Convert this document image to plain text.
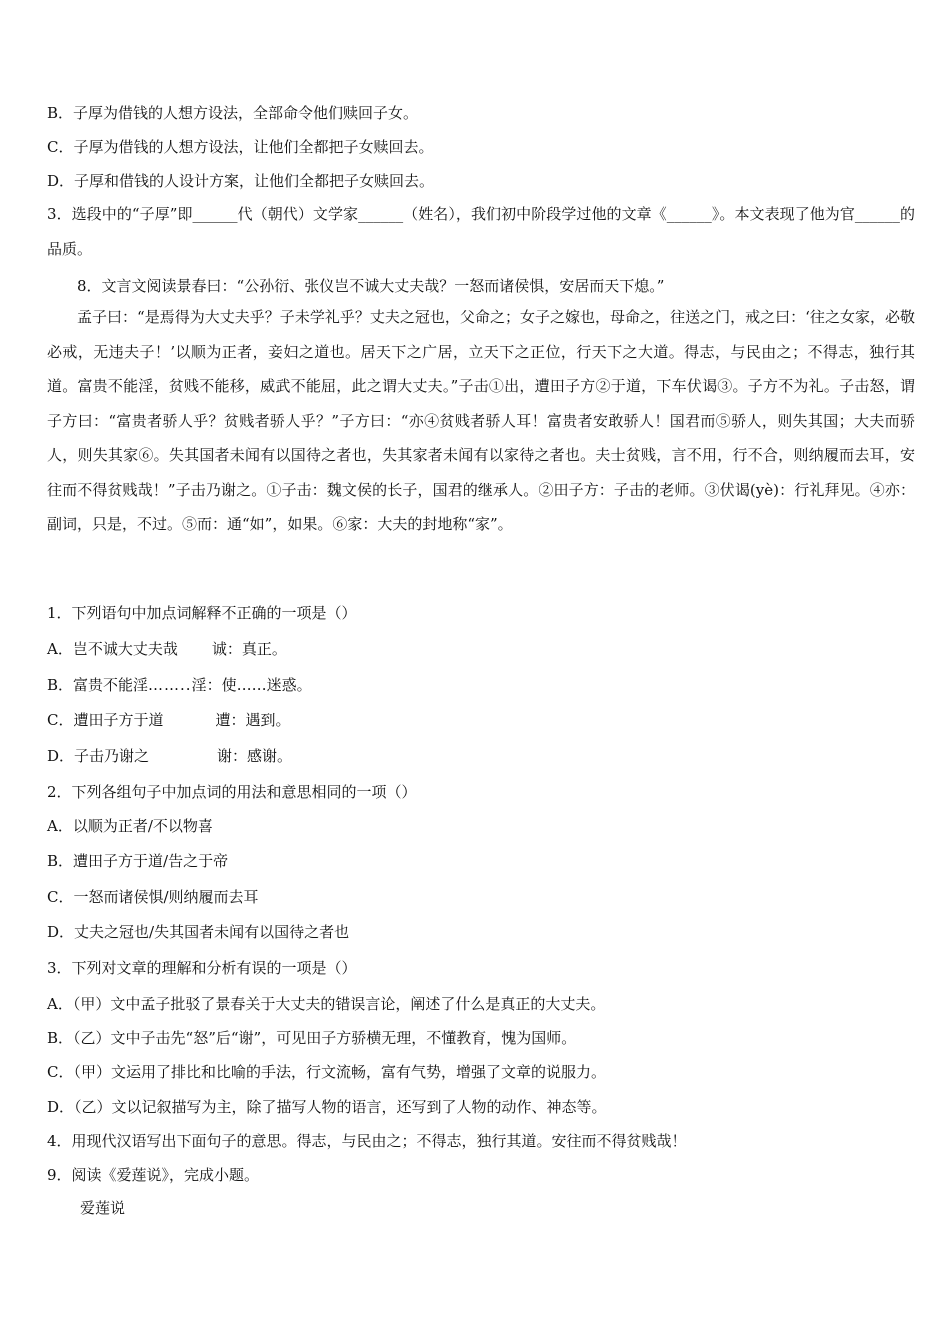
B．子厚为借钱的人想方设法，全部命令他们赎回子女。
C．子厚为借钱的人想方设法，让他们全都把子女赎回去。
D．子厚和借钱的人设计方案，让他们全都把子女赎回去。
3．选段中的“子厚”即______代（朝代）文学家______（姓名），我们初中阶段学过他的文章《______》。本文表现了他为官______的品质。
8．文言文阅读景春曰：“公孙衍、张仪岂不诚大丈夫哉？一怒而诸侯惧，安居而天下熄。”
孟子曰：“是焉得为大丈夫乎？子未学礼乎？丈夫之冠也，父命之；女子之嫁也，母命之，往送之门，戒之曰：‘往之女家，必敬必戒，无违夫子！’以顺为正者，妾妇之道也。居天下之广居，立天下之正位，行天下之大道。得志，与民由之；不得志，独行其道。富贵不能淫，贫贱不能移，威武不能屈，此之谓大丈夫。”子击①出，遭田子方②于道，下车伏谒③。子方不为礼。子击怒，谓子方曰：“富贵者骄人乎？贫贱者骄人乎？”子方曰：“亦④贫贱者骄人耳！富贵者安敢骄人！国君而⑤骄人，则失其国；大夫而骄人，则失其家⑥。失其国者未闻有以国待之者也，失其家者未闻有以家待之者也。夫士贫贱，言不用，行不合，则纳履而去耳，安往而不得贫贱哉！”子击乃谢之。①子击：魏文侯的长子，国君的继承人。②田子方：子击的老师。③伏谒(yè)：行礼拜见。④亦：副词，只是，不过。⑤而：通“如”，如果。⑥家：大夫的封地称“家”。
1．下列语句中加点词解释不正确的一项是（）
A．岂不诚大丈夫哉 诚：真正。
B．富贵不能淫……..淫：使……迷惑。
C．遭田子方于道	遭：遇到。
D．子击乃谢之	谢：感谢。
2．下列各组句子中加点词的用法和意思相同的一项（）
A．以顺为正者/不以物喜
B．遭田子方于道/告之于帝
C．一怒而诸侯惧/则纳履而去耳
D．丈夫之冠也/失其国者未闻有以国待之者也
3．下列对文章的理解和分析有误的一项是（）
A．（甲）文中孟子批驳了景春关于大丈夫的错误言论，阐述了什么是真正的大丈夫。
B．（乙）文中子击先“怒”后“谢”，可见田子方骄横无理，不懂教育，愧为国师。
C．（甲）文运用了排比和比喻的手法，行文流畅，富有气势，增强了文章的说服力。
D．（乙）文以记叙描写为主，除了描写人物的语言，还写到了人物的动作、神态等。
4．用现代汉语写出下面句子的意思。得志，与民由之；不得志，独行其道。安往而不得贫贱哉！
9．阅读《爱莲说》，完成小题。
爱莲说
